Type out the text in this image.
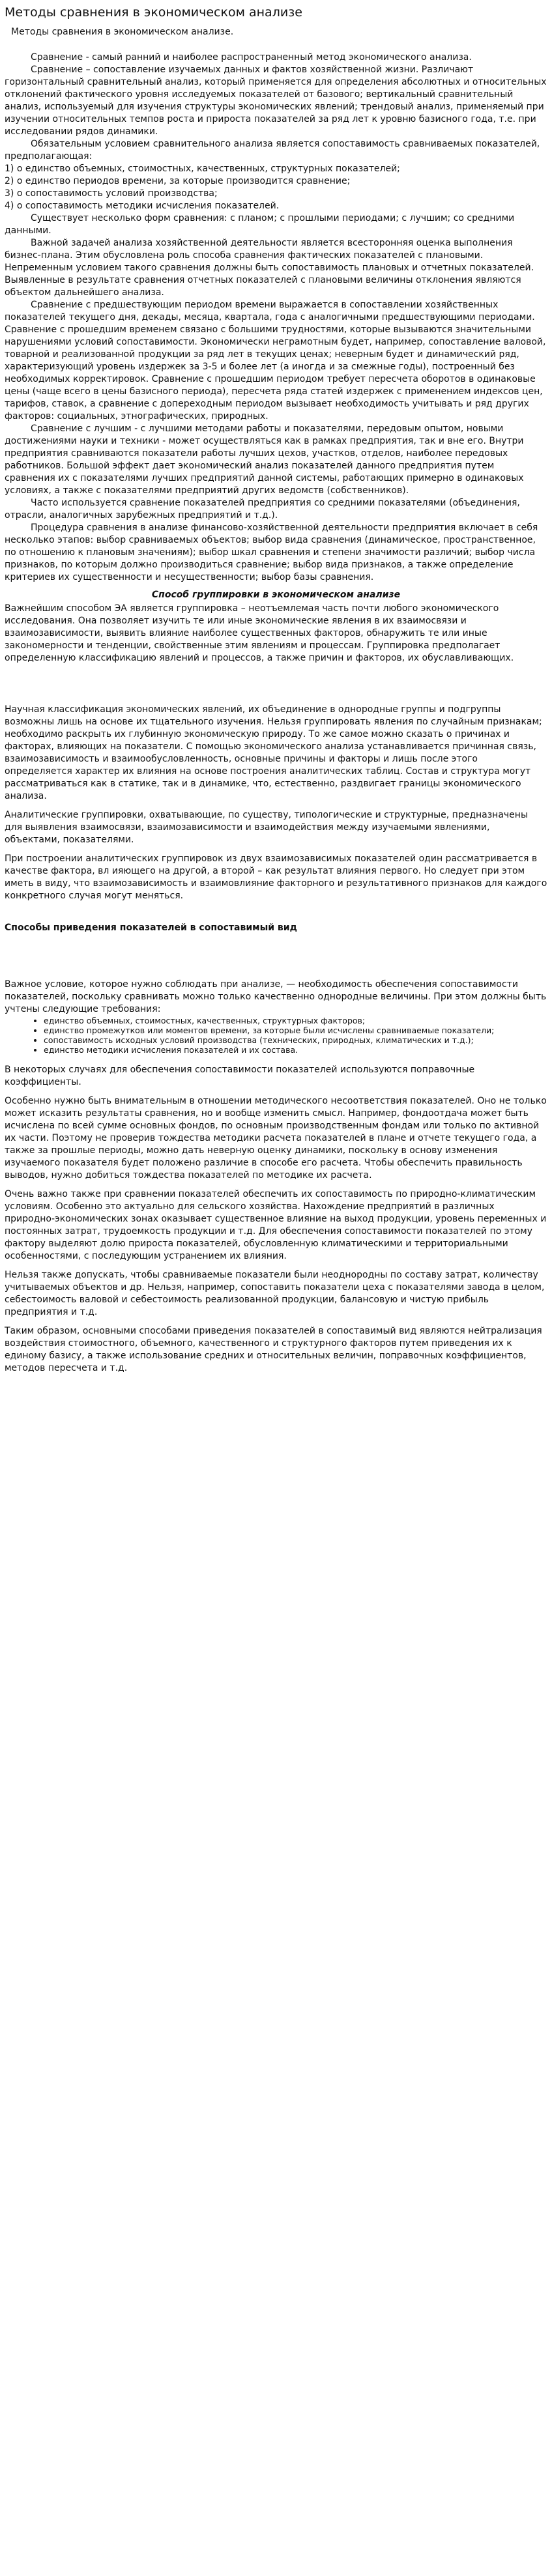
Методы сравнения в экономическом анализе

Методы сравнения в экономическом анализе.

Сравнение - самый ранний и наиболее распространенный метод экономического анализа.

Сравнение – сопоставление изучаемых данных и фактов хозяйственной жизни. Различают горизонтальный сравнительный анализ, который применяется для определения абсолютных и относительных отклонений фактического уровня исследуемых показателей от базового; вертикальный сравнительный анализ, используемый для изучения структуры экономических явлений; трендовый анализ, применяемый при изучении относительных темпов роста и прироста показателей за ряд лет к уровню базисного года, т.е. при исследовании рядов динамики.

Обязательным условием сравнительного анализа является сопоставимость сравниваемых показателей, предполагающая:

1) о единство объемных, стоимостных, качественных, структурных показателей;

2) о единство периодов времени, за которые производится сравнение;

3) о сопоставимость условий производства;

4) о сопоставимость методики исчисления показателей.

Существует несколько форм сравнения: с планом; с прошлыми периодами; с лучшим; со средними данными.

Важной задачей анализа хозяйственной деятельности является всесторонняя оценка выполнения бизнес-плана. Этим обусловлена роль способа сравнения фактических показателей с плановыми. Непременным условием такого сравнения должны быть сопоставимость плановых и отчетных показателей. Выявленные в результате сравнения отчетных показателей с плановыми величины отклонения являются объектом дальнейшего анализа.

Сравнение с предшествующим периодом времени выражается в сопоставлении хозяйственных показателей текущего дня, декады, месяца, квартала, года с аналогичными предшествующими периодами. Сравнение с прошедшим временем связано с большими трудностями, которые вызываются значительными нарушениями условий сопоставимости. Экономически неграмотным будет, например, сопоставление валовой, товарной и реализованной продукции за ряд лет в текущих ценах; неверным будет и динамический ряд, характеризующий уровень издержек за 3-5 и более лет (а иногда и за смежные годы), построенный без необходимых корректировок. Сравнение с прошедшим периодом требует пересчета оборотов в одинаковые цены (чаще всего в цены базисного периода), пересчета ряда статей издержек с применением индексов цен, тарифов, ставок, а сравнение с допереходным периодом вызывает необходимость учитывать и ряд других факторов: социальных, этнографических, природных.

Сравнение с лучшим - с лучшими методами работы и показателями, передовым опытом, новыми достижениями науки и техники - может осуществляться как в рамках предприятия, так и вне его. Внутри предприятия сравниваются показатели работы лучших цехов, участков, отделов, наиболее передовых работников. Большой эффект дает экономический анализ показателей данного предприятия путем сравнения их с показателями лучших предприятий данной системы, работающих примерно в одинаковых условиях, а также с показателями предприятий других ведомств (собственников).

Часто используется сравнение показателей предприятия со средними показателями (объединения, отрасли, аналогичных зарубежных предприятий и т.д.).

Процедура сравнения в анализе финансово-хозяйственной деятельности предприятия включает в себя несколько этапов: выбор сравниваемых объектов; выбор вида сравнения (динамическое, пространственное, по отношению к плановым значениям); выбор шкал сравнения и степени значимости различий; выбор числа признаков, по которым должно производиться сравнение; выбор вида признаков, а также определение критериев их существенности и несущественности; выбор базы сравнения.

Способ группировки в экономическом анализе

Важнейшим способом ЭА является группировка – неотъемлемая часть почти любого экономического исследования. Она позволяет изучить те или иные экономические явления в их взаимосвязи и взаимозависимости, выявить влияние наиболее существенных факторов, обнаружить те или иные закономерности и тенденции, свойственные этим явлениям и процессам. Группировка предполагает определенную классификацию явлений и процессов, а также причин и факторов, их обуславливающих.

Научная классификация экономических явлений, их объединение в однородные группы и подгруппы возможны лишь на основе их тщательного изучения. Нельзя группировать явления по случайным признакам; необходимо раскрыть их глубинную экономическую природу. То же самое можно сказать о причинах и факторах, влияющих на показатели. С помощью экономического анализа устанавливается причинная связь, взаимозависимость и взаимообусловленность, основные причины и факторы и лишь после этого определяется характер их влияния на основе построения аналитических таблиц. Состав и структура могут рассматриваться как в статике, так и в динамике, что, естественно, раздвигает границы экономического анализа.

Аналитические группировки, охватывающие, по существу, типологические и структурные, предназначены для выявления взаимосвязи, взаимозависимости и взаимодействия между изучаемыми явлениями, объектами, показателями.

При построении аналитических группировок из двух взаимозависимых показателей один рассматривается в качестве фактора, вл ияющего на другой, а второй – как результат влияния первого. Но следует при этом иметь в виду, что взаимозависимость и взаимовлияние факторного и результативного признаков для каждого конкретного случая могут меняться.

Способы приведения показателей в сопоставимый вид

Важное условие, которое нужно соблюдать при анализе, — необходимость обеспечения сопоставимости показателей, поскольку сравнивать можно только качественно однородные величины. При этом должны быть учтены следующие требования:

• единство объемных, стоимостных, качественных, структурных факторов;
• единство промежутков или моментов времени, за которые были исчислены сравниваемые показатели;
• сопоставимость исходных условий производства (технических, природных, климатических и т.д.);
• единство методики исчисления показателей и их состава.

В некоторых случаях для обеспечения сопоставимости показателей используются поправочные коэффициенты.

Особенно нужно быть внимательным в отношении методического несоответствия показателей. Оно не только может исказить результаты сравнения, но и вообще изменить смысл. Например, фондоотдача может быть исчислена по всей сумме основных фондов, по основным производственным фондам или только по активной их части. Поэтому не проверив тождества методики расчета показателей в плане и отчете текущего года, а также за прошлые периоды, можно дать неверную оценку динамики, поскольку в основу изменения изучаемого показателя будет положено различие в способе его расчета. Чтобы обеспечить правильность выводов, нужно добиться тождества показателей по методике их расчета.

Очень важно также при сравнении показателей обеспечить их сопоставимость по природно-климатическим условиям. Особенно это актуально для сельского хозяйства. Нахождение предприятий в различных природно-экономических зонах оказывает существенное влияние на выход продукции, уровень переменных и постоянных затрат, трудоемкость продукции и т.д. Для обеспечения сопоставимости показателей по этому фактору выделяют долю прироста показателей, обусловленную климатическими и территориальными особенностями, с последующим устранением их влияния.

Нельзя также допускать, чтобы сравниваемые показатели были неоднородны по составу затрат, количеству учитываемых объектов и др. Нельзя, например, сопоставить показатели цеха с показателями завода в целом, себестоимость валовой и себестоимость реализованной продукции, балансовую и чистую прибыль предприятия и т.д.

Таким образом, основными способами приведения показателей в сопоставимый вид являются нейтрализация воздействия стоимостного, объемного, качественного и структурного факторов путем приведения их к единому базису, а также использование средних и относительных величин, поправочных коэффициентов, методов пересчета и т.д.
